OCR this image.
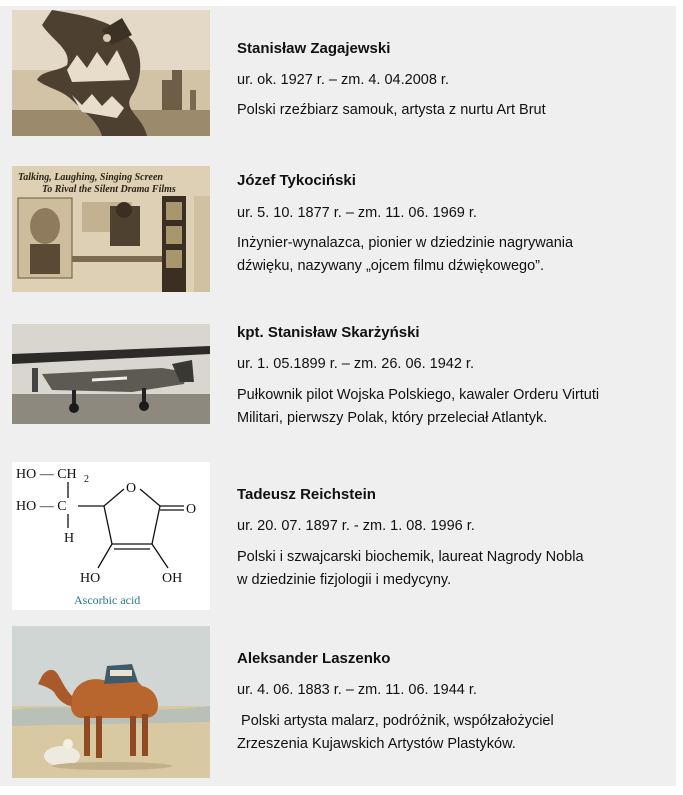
Stanisław Zagajewski

ur. ok. 1927 r. – zm. 4. 04.2008 r.

Polski rzeźbiarz samouk, artysta z nurtu Art Brut

Talking, Laughing, Singing Screen
To Rival the Silent Drama Films

Józef Tykociński

ur. 5. 10. 1877 r. – zm. 11. 06. 1969 r.

Inżynier-wynalazca, pionier w dziedzinie nagrywania

dźwięku, nazywany „ojcem filmu dźwiękowego”.

kpt. Stanisław Skarżyński

ur. 1. 05.1899 r. – zm. 26. 06. 1942 r.

Pułkownik pilot Wojska Polskiego, kawaler Orderu Virtuti

Militari, pierwszy Polak, który przeleciał Atlantyk.

HO — CH 2
HO — C
H
O
O
HO	OH
Ascorbic acid

Tadeusz Reichstein

ur. 20. 07. 1897 r. - zm. 1. 08. 1996 r.

Polski i szwajcarski biochemik, laureat Nagrody Nobla

w dziedzinie fizjologii i medycyny.

Aleksander Laszenko

ur. 4. 06. 1883 r. – zm. 11. 06. 1944 r.

Polski artysta malarz, podróżnik, współzałożyciel

Zrzeszenia Kujawskich Artystów Plastyków.
